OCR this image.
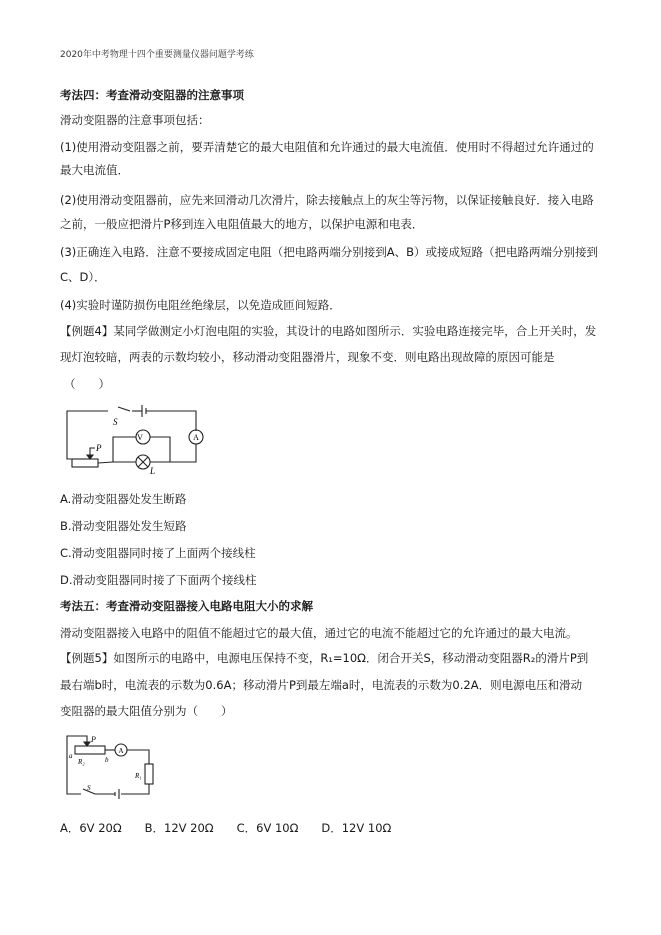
2020年中考物理十四个重要测量仪器问题学考练
考法四：考查滑动变阻器的注意事项
滑动变阻器的注意事项包括：
(1)使用滑动变阻器之前，要弄清楚它的最大电阻值和允许通过的最大电流值．使用时不得超过允许通过的
最大电流值．
(2)使用滑动变阻器前，应先来回滑动几次滑片，除去接触点上的灰尘等污物，以保证接触良好．接入电路
之前，一般应把滑片P移到连入电阻值最大的地方，以保护电源和电表．
(3)正确连入电路．注意不要接成固定电阻（把电路两端分别接到A、B）或接成短路（把电路两端分别接到
C、D）．
(4)实验时谨防损伤电阻丝绝缘层，以免造成匝间短路．
【例题4】某同学做测定小灯泡电阻的实验，其设计的电路如图所示．实验电路连接完毕，合上开关时，发
现灯泡较暗，两表的示数均较小，移动滑动变阻器滑片，现象不变．则电路出现故障的原因可能是
（　　）
S
V	A
P
L
A.滑动变阻器处发生断路
B.滑动变阻器处发生短路
C.滑动变阻器同时接了上面两个接线柱
D.滑动变阻器同时接了下面两个接线柱
考法五：考查滑动变阻器接入电路电阻大小的求解
滑动变阻器接入电路中的阻值不能超过它的最大值，通过它的电流不能超过它的允许通过的最大电流。
【例题5】如图所示的电路中，电源电压保持不变，R₁=10Ω．闭合开关S，移动滑动变阻器R₂的滑片P到
最右端b时，电流表的示数为0.6A；移动滑片P到最左端a时，电流表的示数为0.2A．则电源电压和滑动
变阻器的最大阻值分别为（　　）
P
a	b
R₂
A
R₁
S
A．6V 20Ω　　B．12V 20Ω　　C．6V 10Ω　　D．12V 10Ω
